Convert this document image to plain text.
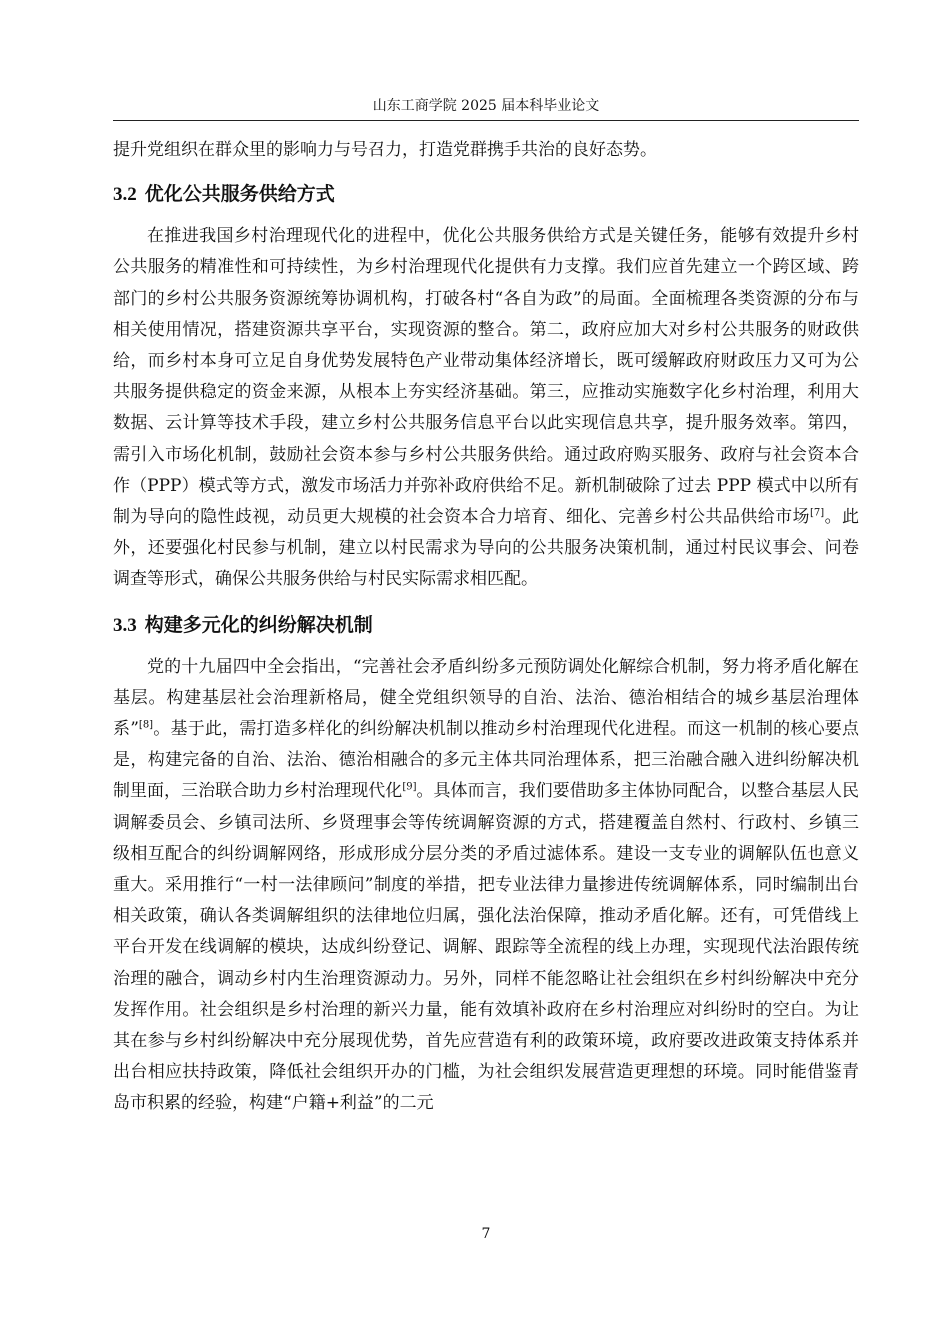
山东工商学院 2025 届本科毕业论文

提升党组织在群众里的影响力与号召力，打造党群携手共治的良好态势。

3.2 优化公共服务供给方式

在推进我国乡村治理现代化的进程中，优化公共服务供给方式是关键任务，能够有效提升乡村公共服务的精准性和可持续性，为乡村治理现代化提供有力支撑。我们应首先建立一个跨区域、跨部门的乡村公共服务资源统筹协调机构，打破各村“各自为政”的局面。全面梳理各类资源的分布与相关使用情况，搭建资源共享平台，实现资源的整合。第二，政府应加大对乡村公共服务的财政供给，而乡村本身可立足自身优势发展特色产业带动集体经济增长，既可缓解政府财政压力又可为公共服务提供稳定的资金来源，从根本上夯实经济基础。第三，应推动实施数字化乡村治理，利用大数据、云计算等技术手段，建立乡村公共服务信息平台以此实现信息共享，提升服务效率。第四，需引入市场化机制，鼓励社会资本参与乡村公共服务供给。通过政府购买服务、政府与社会资本合作（PPP）模式等方式，激发市场活力并弥补政府供给不足。新机制破除了过去 PPP 模式中以所有制为导向的隐性歧视，动员更大规模的社会资本合力培育、细化、完善乡村公共品供给市场[7]。此外，还要强化村民参与机制，建立以村民需求为导向的公共服务决策机制，通过村民议事会、问卷调查等形式，确保公共服务供给与村民实际需求相匹配。

3.3 构建多元化的纠纷解决机制

党的十九届四中全会指出，“完善社会矛盾纠纷多元预防调处化解综合机制，努力将矛盾化解在基层。构建基层社会治理新格局，健全党组织领导的自治、法治、德治相结合的城乡基层治理体系”[8]。基于此，需打造多样化的纠纷解决机制以推动乡村治理现代化进程。而这一机制的核心要点是，构建完备的自治、法治、德治相融合的多元主体共同治理体系，把三治融合融入进纠纷解决机制里面，三治联合助力乡村治理现代化[9]。具体而言，我们要借助多主体协同配合，以整合基层人民调解委员会、乡镇司法所、乡贤理事会等传统调解资源的方式，搭建覆盖自然村、行政村、乡镇三级相互配合的纠纷调解网络，形成形成分层分类的矛盾过滤体系。建设一支专业的调解队伍也意义重大。采用推行“一村一法律顾问”制度的举措，把专业法律力量掺进传统调解体系，同时编制出台相关政策，确认各类调解组织的法律地位归属，强化法治保障，推动矛盾化解。还有，可凭借线上平台开发在线调解的模块，达成纠纷登记、调解、跟踪等全流程的线上办理，实现现代法治跟传统治理的融合，调动乡村内生治理资源动力。另外，同样不能忽略让社会组织在乡村纠纷解决中充分发挥作用。社会组织是乡村治理的新兴力量，能有效填补政府在乡村治理应对纠纷时的空白。为让其在参与乡村纠纷解决中充分展现优势，首先应营造有利的政策环境，政府要改进政策支持体系并出台相应扶持政策，降低社会组织开办的门槛，为社会组织发展营造更理想的环境。同时能借鉴青岛市积累的经验，构建“户籍+利益”的二元

7
